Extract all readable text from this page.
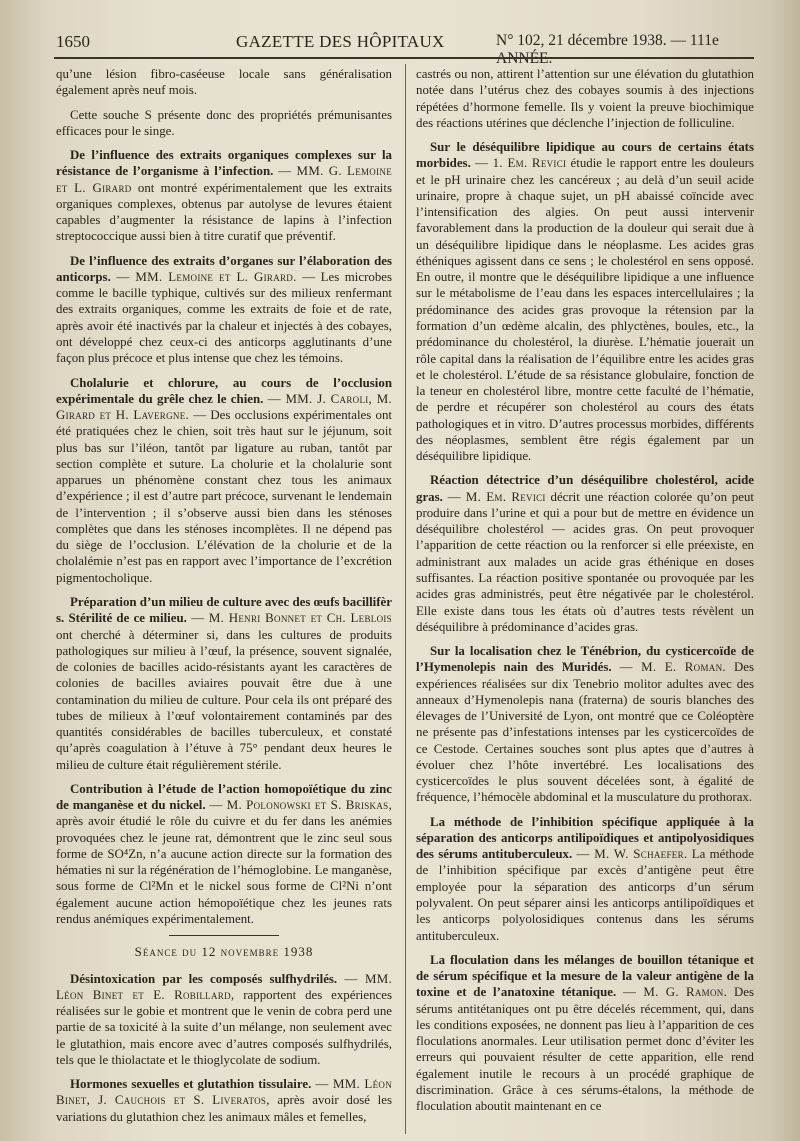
1650	GAZETTE DES HÔPITAUX	N° 102, 21 décembre 1938. — 111e

qu’une lésion fibro-caséeuse locale sans généralisation également après neuf mois.

Cette souche S présente donc des propriétés prémunisantes efficaces pour le singe.

De l’influence des extraits organiques complexes sur la résistance de l’organisme à l’infection. — MM. G. Lemoine et L. Girard ont montré expérimentalement que les extraits organiques complexes, obtenus par autolyse de levures étaient capables d’augmenter la résistance de lapins à l’infection streptococcique aussi bien à titre curatif que préventif.

De l’influence des extraits d’organes sur l’élaboration des anticorps. — MM. Lemoine et L. Girard. — Les microbes comme le bacille typhique, cultivés sur des milieux renfermant des extraits organiques, comme les extraits de foie et de rate, après avoir été inactivés par la chaleur et injectés à des cobayes, ont développé chez ceux-ci des anticorps agglutinants d’une façon plus précoce et plus intense que chez les témoins.

Cholalurie et chlorure, au cours de l’occlusion expérimentale du grêle chez le chien. — MM. J. Caroli, M. Girard et H. Lavergne. — Des occlusions expérimentales ont été pratiquées chez le chien, soit très haut sur le jéjunum, soit plus bas sur l’iléon, tantôt par ligature au ruban, tantôt par section complète et suture. La cholurie et la cholalurie sont apparues un phénomène constant chez tous les animaux d’expérience ; il est d’autre part précoce, survenant le lendemain de l’intervention ; il s’observe aussi bien dans les sténoses complètes que dans les sténoses incomplètes. Il ne dépend pas du siège de l’occlusion. L’élévation de la cholurie et de la cholalémie n’est pas en rapport avec l’importance de l’excrétion pigmentocholique.

Préparation d’un milieu de culture avec des œufs bacillifèr s. Stérilité de ce milieu. — M. Henri Bonnet et Ch. Leblois ont cherché à déterminer si, dans les cultures de produits pathologiques sur milieu à l’œuf, la présence, souvent signalée, de colonies de bacilles acido-résistants ayant les caractères de colonies de bacilles aviaires pouvait être due à une contamination du milieu de culture. Pour cela ils ont préparé des tubes de milieux à l’œuf volontairement contaminés par des quantités considérables de bacilles tuberculeux, et constaté qu’après coagulation à l’étuve à 75° pendant deux heures le milieu de culture était régulièrement stérile.

Contribution à l’étude de l’action homopoïétique du zinc de manganèse et du nickel. — M. Polonowski et S. Briskas, après avoir étudié le rôle du cuivre et du fer dans les anémies provoquées chez le jeune rat, démontrent que le zinc seul sous forme de SO⁴Zn, n’a aucune action directe sur la formation des hématies ni sur la régénération de l’hémoglobine. Le manganèse, sous forme de Cl²Mn et le nickel sous forme de Cl²Ni n’ont également aucune action hémopoïétique chez les jeunes rats rendus anémiques expérimentalement.

Séance du 12 novembre 1938

Désintoxication par les composés sulfhydrilés. — MM. Léon Binet et E. Robillard, rapportent des expériences réalisées sur le gobie et montrent que le venin de cobra perd une partie de sa toxicité à la suite d’un mélange, non seulement avec le glutathion, mais encore avec d’autres composés sulfhydrilés, tels que le thiolactate et le thioglycolate de sodium.

Hormones sexuelles et glutathion tissulaire. — MM. Léon Binet, J. Cauchois et S. Liveratos, après avoir dosé les variations du glutathion chez les animaux mâles et femelles,

castrés ou non, attirent l’attention sur une élévation du glutathion notée dans l’utérus chez des cobayes soumis à des injections répétées d’hormone femelle. Ils y voient la preuve biochimique des réactions utérines que déclenche l’injection de folliculine.

Sur le déséquilibre lipidique au cours de certains états morbides. — 1. Em. Revici étudie le rapport entre les douleurs et le pH urinaire chez les cancéreux ; au delà d’un seuil acide urinaire, propre à chaque sujet, un pH abaissé coïncide avec l’intensification des algies. On peut aussi intervenir favorablement dans la production de la douleur qui serait due à un déséquilibre lipidique dans le néoplasme. Les acides gras éthéniques agissent dans ce sens ; le cholestérol en sens opposé. En outre, il montre que le déséquilibre lipidique a une influence sur le métabolisme de l’eau dans les espaces intercellulaires ; la prédominance des acides gras provoque la rétension par la formation d’un œdème alcalin, des phlyctènes, boules, etc., la prédominance du cholestérol, la diurèse. L’hématie jouerait un rôle capital dans la réalisation de l’équilibre entre les acides gras et le cholestérol. L’étude de sa résistance globulaire, fonction de la teneur en cholestérol libre, montre cette faculté de l’hématie, de perdre et récupérer son cholestérol au cours des états pathologiques et in vitro. D’autres processus morbides, différents des néoplasmes, semblent être régis également par un déséquilibre lipidique.

Réaction détectrice d’un déséquilibre cholestérol, acide gras. — M. Em. Revici décrit une réaction colorée qu’on peut produire dans l’urine et qui a pour but de mettre en évidence un déséquilibre cholestérol — acides gras. On peut provoquer l’apparition de cette réaction ou la renforcer si elle préexiste, en administrant aux malades un acide gras éthénique en doses suffisantes. La réaction positive spontanée ou provoquée par les acides gras administrés, peut être négativée par le cholestérol. Elle existe dans tous les états où d’autres tests révèlent un déséquilibre à prédominance d’acides gras.

Sur la localisation chez le Ténébrion, du cysticercoïde de l’Hymenolepis nain des Muridés. — M. E. Roman. Des expériences réalisées sur dix Tenebrio molitor adultes avec des anneaux d’Hymenolepis nana (fraterna) de souris blanches des élevages de l’Université de Lyon, ont montré que ce Coléoptère ne présente pas d’infestations intenses par les cysticercoïdes de ce Cestode. Certaines souches sont plus aptes que d’autres à évoluer chez l’hôte invertébré. Les localisations des cysticercoïdes le plus souvent décelées sont, à égalité de fréquence, l’hémocèle abdominal et la musculature du prothorax.

La méthode de l’inhibition spécifique appliquée à la séparation des anticorps antilipoïdiques et antipolyosidiques des sérums antituberculeux. — M. W. Schaefer. La méthode de l’inhibition spécifique par excès d’antigène peut être employée pour la séparation des anticorps d’un sérum polyvalent. On peut séparer ainsi les anticorps antilipoïdiques et les anticorps polyolosidiques contenus dans les sérums antituberculeux.

La floculation dans les mélanges de bouillon tétanique et de sérum spécifique et la mesure de la valeur antigène de la toxine et de l’anatoxine tétanique. — M. G. Ramon. Des sérums antitétaniques ont pu être décelés récemment, qui, dans les conditions exposées, ne donnent pas lieu à l’apparition de ces floculations anormales. Leur utilisation permet donc d’éviter les erreurs qui pouvaient résulter de cette apparition, elle rend également inutile le recours à un procédé graphique de discrimination. Grâce à ces sérums-étalons, la méthode de floculation aboutit maintenant en ce
